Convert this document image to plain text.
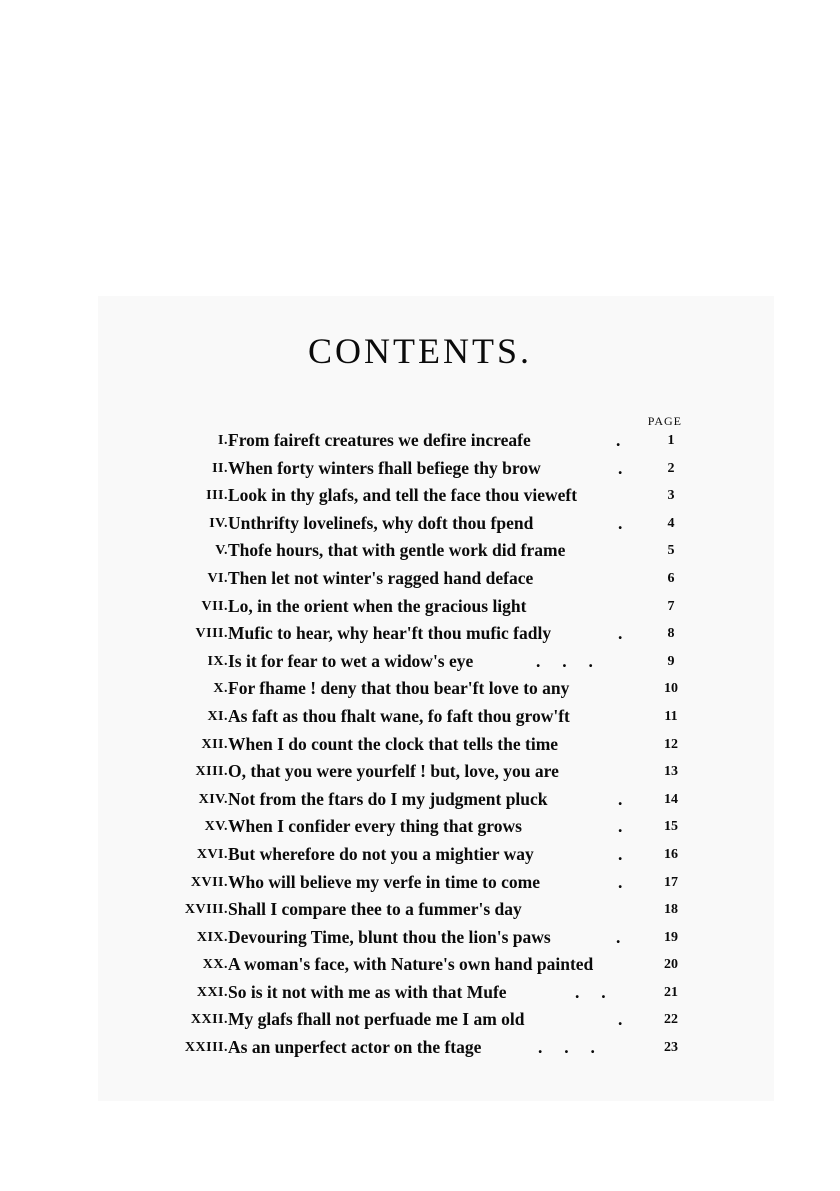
CONTENTS.
PAGE
I. From faireft creatures we defire increafe	.	1
II. When forty winters fhall befiege thy brow	.	2
III. Look in thy glafs, and tell the face thou vieweft	3
IV. Unthrifty lovelinefs, why doft thou fpend	.	4
V. Thofe hours, that with gentle work did frame	5
VI. Then let not winter's ragged hand deface	6
VII. Lo, in the orient when the gracious light	7
VIII. Mufic to hear, why hear'ft thou mufic fadly	.	8
IX. Is it for fear to wet a widow's eye	.     .     .	9
X. For fhame ! deny that thou bear'ft love to any	10
XI. As faft as thou fhalt wane, fo faft thou grow'ft	11
XII. When I do count the clock that tells the time	12
XIII. O, that you were yourfelf ! but, love, you are	13
XIV. Not from the ftars do I my judgment pluck	.	14
XV. When I confider every thing that grows	.	15
XVI. But wherefore do not you a mightier way	.	16
XVII. Who will believe my verfe in time to come	.	17
XVIII. Shall I compare thee to a fummer's day	18
XIX. Devouring Time, blunt thou the lion's paws	.	19
XX. A woman's face, with Nature's own hand painted	20
XXI. So is it not with me as with that Mufe	.     .	21
XXII. My glafs fhall not perfuade me I am old	.	22
XXIII. As an unperfect actor on the ftage	.     .     .	23
